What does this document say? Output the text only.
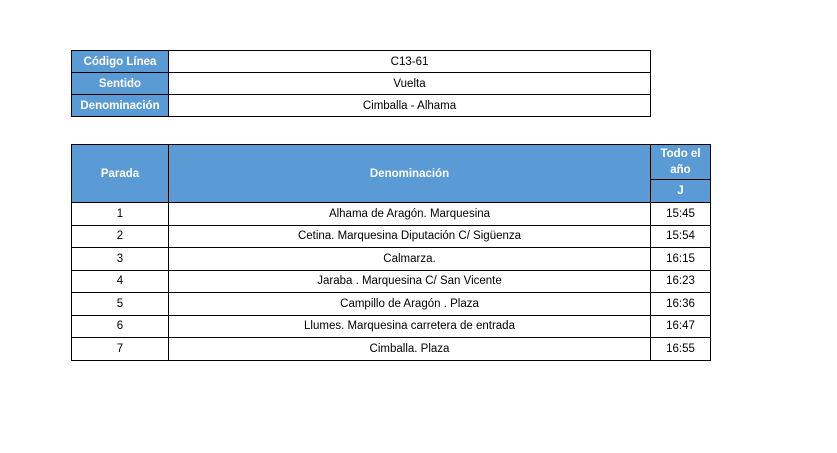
Código Línea	C13-61
Sentido	Vuelta
Denominación	Cimballa - Alhama
Parada	Denominación	Todo el año
		J
1	Alhama de Aragón. Marquesina	15:45
2	Cetina. Marquesina Diputación C/ Sigüenza	15:54
3	Calmarza.	16:15
4	Jaraba . Marquesina C/ San Vicente	16:23
5	Campillo de Aragón . Plaza	16:36
6	Llumes. Marquesina carretera de entrada	16:47
7	Cimballa. Plaza	16:55
